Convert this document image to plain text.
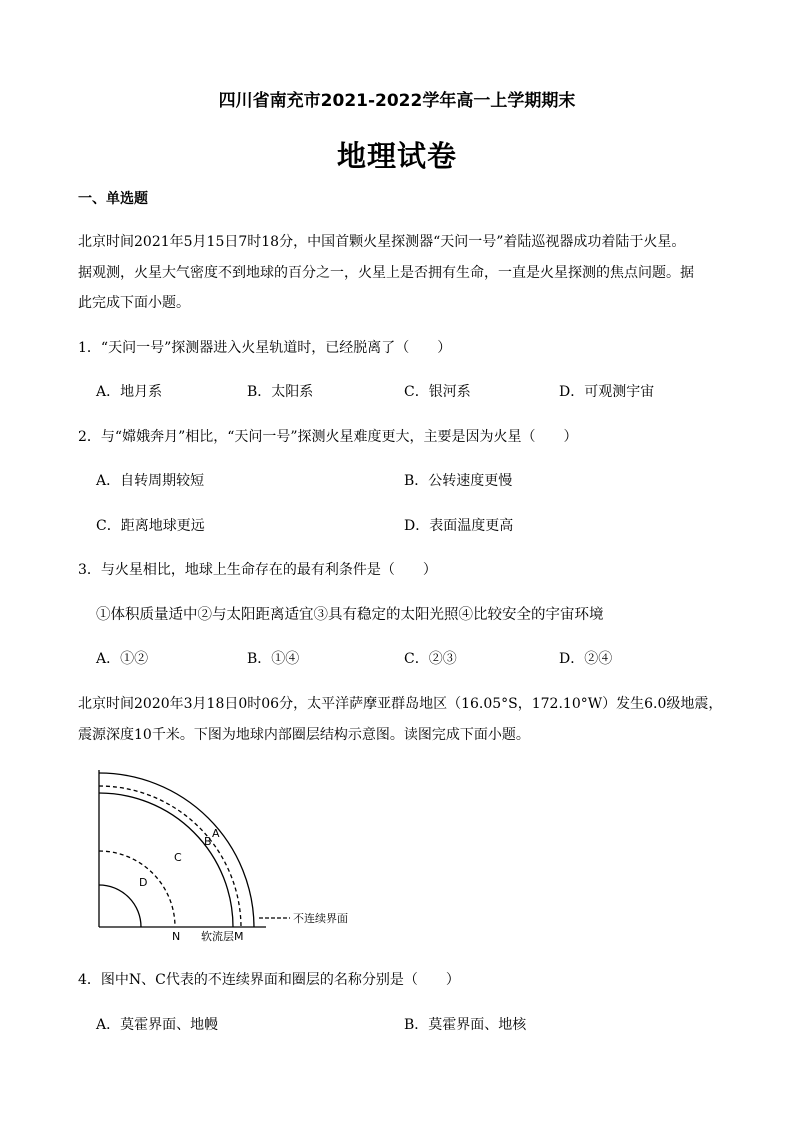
四川省南充市2021-2022学年高一上学期期末
地理试卷
一、单选题
北京时间2021年5月15日7时18分，中国首颗火星探测器“天问一号”着陆巡视器成功着陆于火星。
据观测，火星大气密度不到地球的百分之一，火星上是否拥有生命，一直是火星探测的焦点问题。据
此完成下面小题。
1．“天问一号”探测器进入火星轨道时，已经脱离了（　　）
A．地月系	B．太阳系	C．银河系	D．可观测宇宙
2．与“嫦娥奔月”相比，“天问一号”探测火星难度更大，主要是因为火星（　　）
A．自转周期较短	B．公转速度更慢
C．距离地球更远	D．表面温度更高
3．与火星相比，地球上生命存在的最有利条件是（　　）
①体积质量适中②与太阳距离适宜③具有稳定的太阳光照④比较安全的宇宙环境
A．①②	B．①④	C．②③	D．②④
北京时间2020年3月18日0时06分，太平洋萨摩亚群岛地区（16.05°S，172.10°W）发生6.0级地震，
震源深度10千米。下图为地球内部圈层结构示意图。读图完成下面小题。
A
B
C
D
N 软流层M
不连续界面
4．图中N、C代表的不连续界面和圈层的名称分别是（　　）
A．莫霍界面、地幔	B．莫霍界面、地核
